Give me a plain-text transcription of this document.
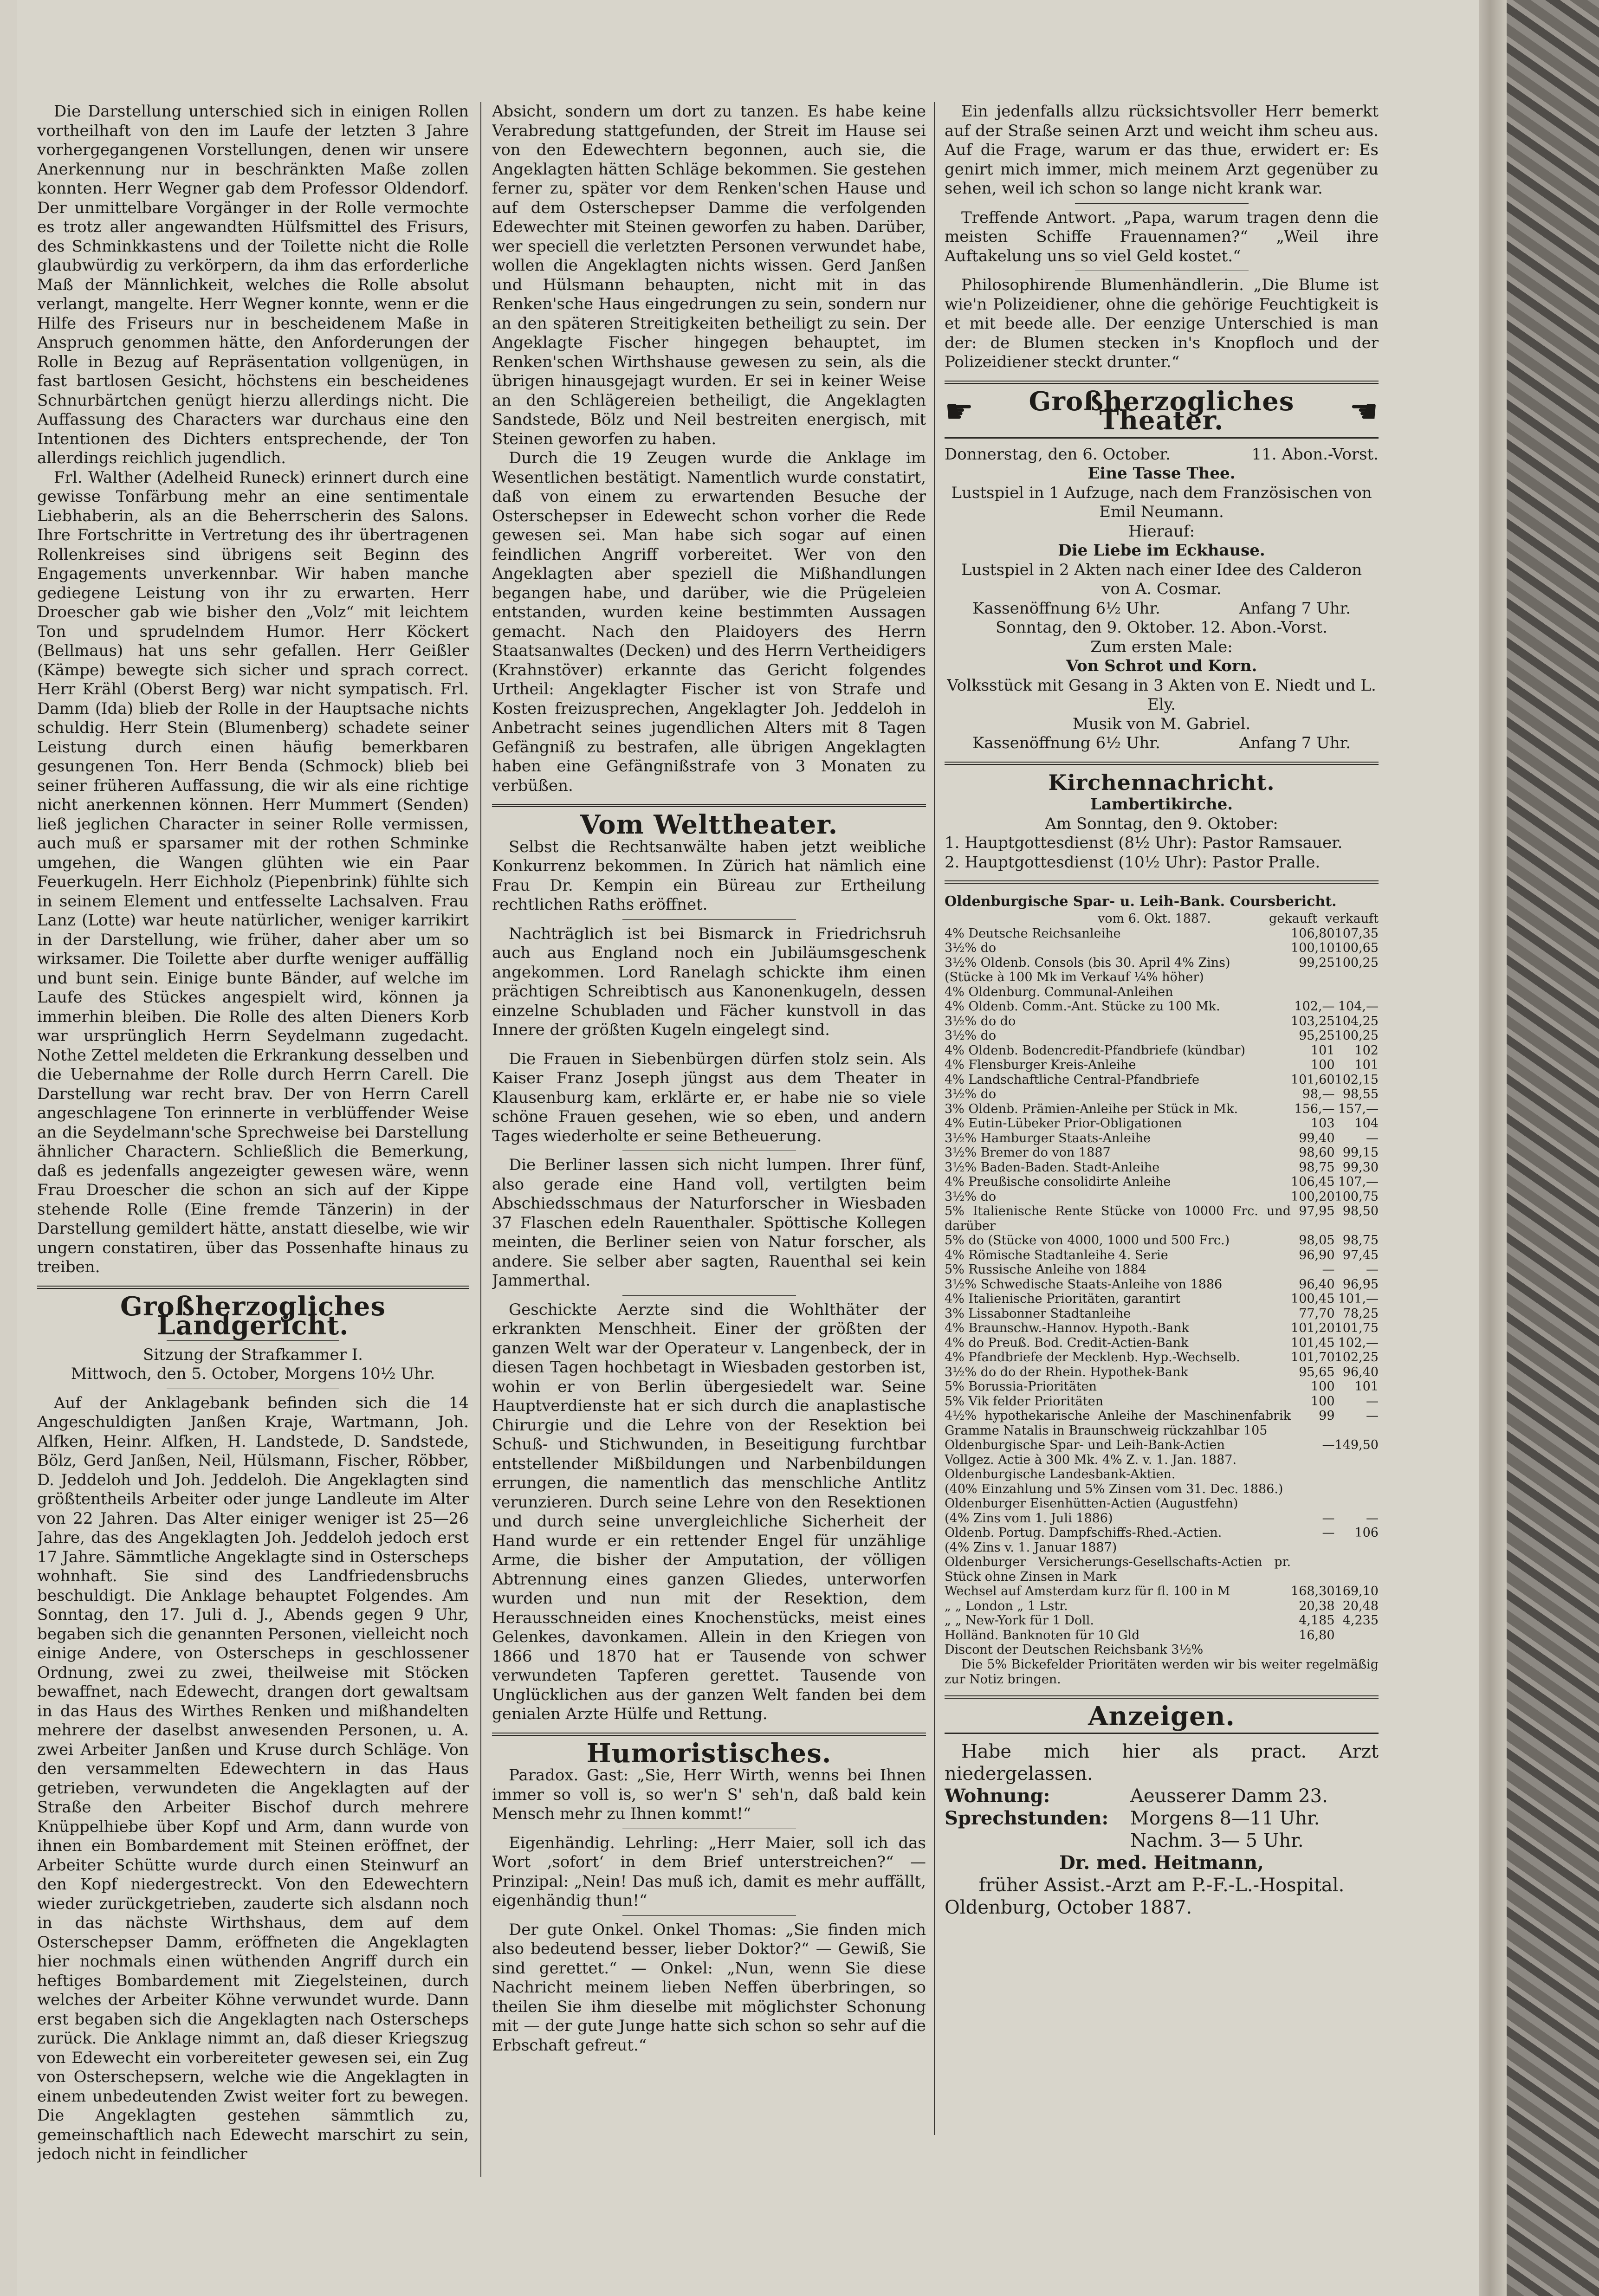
Die Darstellung unterschied sich in einigen Rollen vortheilhaft von den im Laufe der letzten 3 Jahre vorhergegangenen Vorstellungen, denen wir unsere Anerkennung nur in beschränkten Maße zollen konnten. Herr Wegner gab dem Professor Oldendorf. Der unmittelbare Vorgänger in der Rolle vermochte es trotz aller angewandten Hülfsmittel des Frisurs, des Schminkkastens und der Toilette nicht die Rolle glaubwürdig zu verkörpern, da ihm das erforderliche Maß der Männlichkeit, welches die Rolle absolut verlangt, mangelte. Herr Wegner konnte, wenn er die Hilfe des Friseurs nur in bescheidenem Maße in Anspruch genommen hätte, den Anforderungen der Rolle in Bezug auf Repräsentation vollgenügen, in fast bartlosen Gesicht, höchstens ein bescheidenes Schnurbärtchen genügt hierzu allerdings nicht. Die Auffassung des Characters war durchaus eine den Intentionen des Dichters entsprechende, der Ton allerdings reichlich jugendlich.

Frl. Walther (Adelheid Runeck) erinnert durch eine gewisse Tonfärbung mehr an eine sentimentale Liebhaberin, als an die Beherrscherin des Salons. Ihre Fortschritte in Vertretung des ihr übertragenen Rollenkreises sind übrigens seit Beginn des Engagements unverkennbar. Wir haben manche gediegene Leistung von ihr zu erwarten. Herr Droescher gab wie bisher den „Volz“ mit leichtem Ton und sprudelndem Humor. Herr Köckert (Bellmaus) hat uns sehr gefallen. Herr Geißler (Kämpe) bewegte sich sicher und sprach correct. Herr Krähl (Oberst Berg) war nicht sympatisch. Frl. Damm (Ida) blieb der Rolle in der Hauptsache nichts schuldig. Herr Stein (Blumenberg) schadete seiner Leistung durch einen häufig bemerkbaren gesungenen Ton. Herr Benda (Schmock) blieb bei seiner früheren Auffassung, die wir als eine richtige nicht anerkennen können. Herr Mummert (Senden) ließ jeglichen Character in seiner Rolle vermissen, auch muß er sparsamer mit der rothen Schminke umgehen, die Wangen glühten wie ein Paar Feuerkugeln. Herr Eichholz (Piepenbrink) fühlte sich in seinem Element und entfesselte Lachsalven. Frau Lanz (Lotte) war heute natürlicher, weniger karrikirt in der Darstellung, wie früher, daher aber um so wirksamer. Die Toilette aber durfte weniger auffällig und bunt sein. Einige bunte Bänder, auf welche im Laufe des Stückes angespielt wird, können ja immerhin bleiben. Die Rolle des alten Dieners Korb war ursprünglich Herrn Seydelmann zugedacht. Nothe Zettel meldeten die Erkrankung desselben und die Uebernahme der Rolle durch Herrn Carell. Die Darstellung war recht brav. Der von Herrn Carell angeschlagene Ton erinnerte in verblüffender Weise an die Seydelmann'sche Sprechweise bei Darstellung ähnlicher Charactern. Schließlich die Bemerkung, daß es jedenfalls angezeigter gewesen wäre, wenn Frau Droescher die schon an sich auf der Kippe stehende Rolle (Eine fremde Tänzerin) in der Darstellung gemildert hätte, anstatt dieselbe, wie wir ungern constatiren, über das Possenhafte hinaus zu treiben.

Großherzogliches Landgericht.

Sitzung der Strafkammer I.

Mittwoch, den 5. October, Morgens 10½ Uhr.

Auf der Anklagebank befinden sich die 14 Angeschuldigten Janßen Kraje, Wartmann, Joh. Alfken, Heinr. Alfken, H. Landstede, D. Sandstede, Bölz, Gerd Janßen, Neil, Hülsmann, Fischer, Röbber, D. Jeddeloh und Joh. Jeddeloh. Die Angeklagten sind größtentheils Arbeiter oder junge Landleute im Alter von 22 Jahren. Das Alter einiger weniger ist 25—26 Jahre, das des Angeklagten Joh. Jeddeloh jedoch erst 17 Jahre. Sämmtliche Angeklagte sind in Osterscheps wohnhaft. Sie sind des Landfriedensbruchs beschuldigt. Die Anklage behauptet Folgendes. Am Sonntag, den 17. Juli d. J., Abends gegen 9 Uhr, begaben sich die genannten Personen, vielleicht noch einige Andere, von Osterscheps in geschlossener Ordnung, zwei zu zwei, theilweise mit Stöcken bewaffnet, nach Edewecht, drangen dort gewaltsam in das Haus des Wirthes Renken und mißhandelten mehrere der daselbst anwesenden Personen, u. A. zwei Arbeiter Janßen und Kruse durch Schläge. Von den versammelten Edewechtern in das Haus getrieben, verwundeten die Angeklagten auf der Straße den Arbeiter Bischof durch mehrere Knüppelhiebe über Kopf und Arm, dann wurde von ihnen ein Bombardement mit Steinen eröffnet, der Arbeiter Schütte wurde durch einen Steinwurf an den Kopf niedergestreckt. Von den Edewechtern wieder zurückgetrieben, zauderte sich alsdann noch in das nächste Wirthshaus, dem auf dem Osterschepser Damm, eröffneten die Angeklagten hier nochmals einen wüthenden Angriff durch ein heftiges Bombardement mit Ziegelsteinen, durch welches der Arbeiter Köhne verwundet wurde. Dann erst begaben sich die Angeklagten nach Osterscheps zurück. Die Anklage nimmt an, daß dieser Kriegszug von Edewecht ein vorbereiteter gewesen sei, ein Zug von Osterschepsern, welche wie die Angeklagten in einem unbedeutenden Zwist weiter fort zu bewegen. Die Angeklagten gestehen sämmtlich zu, gemeinschaftlich nach Edewecht marschirt zu sein, jedoch nicht in feindlicher

Absicht, sondern um dort zu tanzen. Es habe keine Verabredung stattgefunden, der Streit im Hause sei von den Edewechtern begonnen, auch sie, die Angeklagten hätten Schläge bekommen. Sie gestehen ferner zu, später vor dem Renken'schen Hause und auf dem Osterschepser Damme die verfolgenden Edewechter mit Steinen geworfen zu haben. Darüber, wer speciell die verletzten Personen verwundet habe, wollen die Angeklagten nichts wissen. Gerd Janßen und Hülsmann behaupten, nicht mit in das Renken'sche Haus eingedrungen zu sein, sondern nur an den späteren Streitigkeiten betheiligt zu sein. Der Angeklagte Fischer hingegen behauptet, im Renken'schen Wirthshause gewesen zu sein, als die übrigen hinausgejagt wurden. Er sei in keiner Weise an den Schlägereien betheiligt, die Angeklagten Sandstede, Bölz und Neil bestreiten energisch, mit Steinen geworfen zu haben.

Durch die 19 Zeugen wurde die Anklage im Wesentlichen bestätigt. Namentlich wurde constatirt, daß von einem zu erwartenden Besuche der Osterschepser in Edewecht schon vorher die Rede gewesen sei. Man habe sich sogar auf einen feindlichen Angriff vorbereitet. Wer von den Angeklagten aber speziell die Mißhandlungen begangen habe, und darüber, wie die Prügeleien entstanden, wurden keine bestimmten Aussagen gemacht. Nach den Plaidoyers des Herrn Staatsanwaltes (Decken) und des Herrn Vertheidigers (Krahnstöver) erkannte das Gericht folgendes Urtheil: Angeklagter Fischer ist von Strafe und Kosten freizusprechen, Angeklagter Joh. Jeddeloh in Anbetracht seines jugendlichen Alters mit 8 Tagen Gefängniß zu bestrafen, alle übrigen Angeklagten haben eine Gefängnißstrafe von 3 Monaten zu verbüßen.

Vom Welttheater.

Selbst die Rechtsanwälte haben jetzt weibliche Konkurrenz bekommen. In Zürich hat nämlich eine Frau Dr. Kempin ein Büreau zur Ertheilung rechtlichen Raths eröffnet.

Nachträglich ist bei Bismarck in Friedrichsruh auch aus England noch ein Jubiläumsgeschenk angekommen. Lord Ranelagh schickte ihm einen prächtigen Schreibtisch aus Kanonenkugeln, dessen einzelne Schubladen und Fächer kunstvoll in das Innere der größten Kugeln eingelegt sind.

Die Frauen in Siebenbürgen dürfen stolz sein. Als Kaiser Franz Joseph jüngst aus dem Theater in Klausenburg kam, erklärte er, er habe nie so viele schöne Frauen gesehen, wie so eben, und andern Tages wiederholte er seine Betheuerung.

Die Berliner lassen sich nicht lumpen. Ihrer fünf, also gerade eine Hand voll, vertilgten beim Abschiedsschmaus der Naturforscher in Wiesbaden 37 Flaschen edeln Rauenthaler. Spöttische Kollegen meinten, die Berliner seien von Natur forscher, als andere. Sie selber aber sagten, Rauenthal sei kein Jammerthal.

Geschickte Aerzte sind die Wohlthäter der erkrankten Menschheit. Einer der größten der ganzen Welt war der Operateur v. Langenbeck, der in diesen Tagen hochbetagt in Wiesbaden gestorben ist, wohin er von Berlin übergesiedelt war. Seine Hauptverdienste hat er sich durch die anaplastische Chirurgie und die Lehre von der Resektion bei Schuß- und Stichwunden, in Beseitigung furchtbar entstellender Mißbildungen und Narbenbildungen errungen, die namentlich das menschliche Antlitz verunzieren. Durch seine Lehre von den Resektionen und durch seine unvergleichliche Sicherheit der Hand wurde er ein rettender Engel für unzählige Arme, die bisher der Amputation, der völligen Abtrennung eines ganzen Gliedes, unterworfen wurden und nun mit der Resektion, dem Herausschneiden eines Knochenstücks, meist eines Gelenkes, davonkamen. Allein in den Kriegen von 1866 und 1870 hat er Tausende von schwer verwundeten Tapferen gerettet. Tausende von Unglücklichen aus der ganzen Welt fanden bei dem genialen Arzte Hülfe und Rettung.

Humoristisches.

Paradox. Gast: „Sie, Herr Wirth, wenns bei Ihnen immer so voll is, so wer'n S' seh'n, daß bald kein Mensch mehr zu Ihnen kommt!“

Eigenhändig. Lehrling: „Herr Maier, soll ich das Wort ‚sofort‘ in dem Brief unterstreichen?“ — Prinzipal: „Nein! Das muß ich, damit es mehr auffällt, eigenhändig thun!“

Der gute Onkel. Onkel Thomas: „Sie finden mich also bedeutend besser, lieber Doktor?“ — Gewiß, Sie sind gerettet.“ — Onkel: „Nun, wenn Sie diese Nachricht meinem lieben Neffen überbringen, so theilen Sie ihm dieselbe mit möglichster Schonung mit — der gute Junge hatte sich schon so sehr auf die Erbschaft gefreut.“

Ein jedenfalls allzu rücksichtsvoller Herr bemerkt auf der Straße seinen Arzt und weicht ihm scheu aus. Auf die Frage, warum er das thue, erwidert er: Es genirt mich immer, mich meinem Arzt gegenüber zu sehen, weil ich schon so lange nicht krank war.

Treffende Antwort. „Papa, warum tragen denn die meisten Schiffe Frauennamen?“ „Weil ihre Auftakelung uns so viel Geld kostet.“

Philosophirende Blumenhändlerin. „Die Blume ist wie'n Polizeidiener, ohne die gehörige Feuchtigkeit is et mit beede alle. Der eenzige Unterschied is man der: de Blumen stecken in's Knopfloch und der Polizeidiener steckt drunter.“

☛	Großherzogliches Theater.	☛
Donnerstag, den 6. October.	11. Abon.-Vorst.

Eine Tasse Thee.

Lustspiel in 1 Aufzuge, nach dem Französischen von Emil Neumann.

Hierauf:

Die Liebe im Eckhause.

Lustspiel in 2 Akten nach einer Idee des Calderon von A. Cosmar.

Kassenöffnung 6½ Uhr.	Anfang 7 Uhr.

Sonntag, den 9. Oktober. 12. Abon.-Vorst.

Zum ersten Male:

Von Schrot und Korn.

Volksstück mit Gesang in 3 Akten von E. Niedt und L. Ely.

Musik von M. Gabriel.

Kassenöffnung 6½ Uhr.	Anfang 7 Uhr.
Kirchennachricht.

Lambertikirche.

Am Sonntag, den 9. Oktober:

1. Hauptgottesdienst (8½ Uhr): Pastor Ramsauer.

2. Hauptgottesdienst (10½ Uhr): Pastor Pralle.

Oldenburgische Spar- u. Leih-Bank. Coursbericht.
vom 6. Okt. 1887.	gekauft verkauft
4% Deutsche Reichsanleihe	106,80	107,35
3½% do	100,10	100,65
3½% Oldenb. Consols (bis 30. April 4% Zins)	99,25	100,25
(Stücke à 100 Mk im Verkauf ¼% höher)		
4% Oldenburg. Communal-Anleihen		
4% Oldenb. Comm.-Ant. Stücke zu 100 Mk.	102,—	104,—
3½% do do	103,25	104,25
3½% do	95,25	100,25
4% Oldenb. Bodencredit-Pfandbriefe (kündbar)	101	102
4% Flensburger Kreis-Anleihe	100	101
4% Landschaftliche Central-Pfandbriefe	101,60	102,15
3½% do	98,—	98,55
3% Oldenb. Prämien-Anleihe per Stück in Mk.	156,—	157,—
4% Eutin-Lübeker Prior-Obligationen	103	104
3½% Hamburger Staats-Anleihe	99,40	—
3½% Bremer do von 1887	98,60	99,15
3½% Baden-Baden. Stadt-Anleihe	98,75	99,30
4% Preußische consolidirte Anleihe	106,45	107,—
3½% do	100,20	100,75
5% Italienische Rente Stücke von 10000 Frc. und darüber	97,95	98,50
5% do (Stücke von 4000, 1000 und 500 Frc.)	98,05	98,75
4% Römische Stadtanleihe 4. Serie	96,90	97,45
5% Russische Anleihe von 1884	—	—
3½% Schwedische Staats-Anleihe von 1886	96,40	96,95
4% Italienische Prioritäten, garantirt	100,45	101,—
3% Lissabonner Stadtanleihe	77,70	78,25
4% Braunschw.-Hannov. Hypoth.-Bank	101,20	101,75
4% do Preuß. Bod. Credit-Actien-Bank	101,45	102,—
4% Pfandbriefe der Mecklenb. Hyp.-Wechselb.	101,70	102,25
3½% do do der Rhein. Hypothek-Bank	95,65	96,40
5% Borussia-Prioritäten	100	101
5% Vik felder Prioritäten	100	—
4½% hypothekarische Anleihe der Maschinenfabrik Gramme Natalis in Braunschweig rückzahlbar 105	99	—
Oldenburgische Spar- und Leih-Bank-Actien	—	149,50
Vollgez. Actie à 300 Mk. 4% Z. v. 1. Jan. 1887.		
Oldenburgische Landesbank-Aktien.		
(40% Einzahlung und 5% Zinsen vom 31. Dec. 1886.)		
Oldenburger Eisenhütten-Actien (Augustfehn)		
(4% Zins vom 1. Juli 1886)	—	—
Oldenb. Portug. Dampfschiffs-Rhed.-Actien.	—	106
(4% Zins v. 1. Januar 1887)		
Oldenburger Versicherungs-Gesellschafts-Actien pr. Stück ohne Zinsen in Mark		
Wechsel auf Amsterdam kurz für fl. 100 in M	168,30	169,10
„ „ London „ 1 Lstr.	20,38	20,48
„ „ New-York für 1 Doll.	4,185	4,235
Holländ. Banknoten für 10 Gld	16,80	
Discont der Deutschen Reichsbank 3½%		

Die 5% Bickefelder Prioritäten werden wir bis weiter regelmäßig zur Notiz bringen.

Anzeigen.

Habe mich hier als pract. Arzt niedergelassen.

Wohnung:	Aeusserer Damm 23.
Sprechstunden:	Morgens 8—11 Uhr.
Nachm. 3— 5 Uhr.

Dr. med. Heitmann,

früher Assist.-Arzt am P.-F.-L.-Hospital.

Oldenburg, October 1887.
